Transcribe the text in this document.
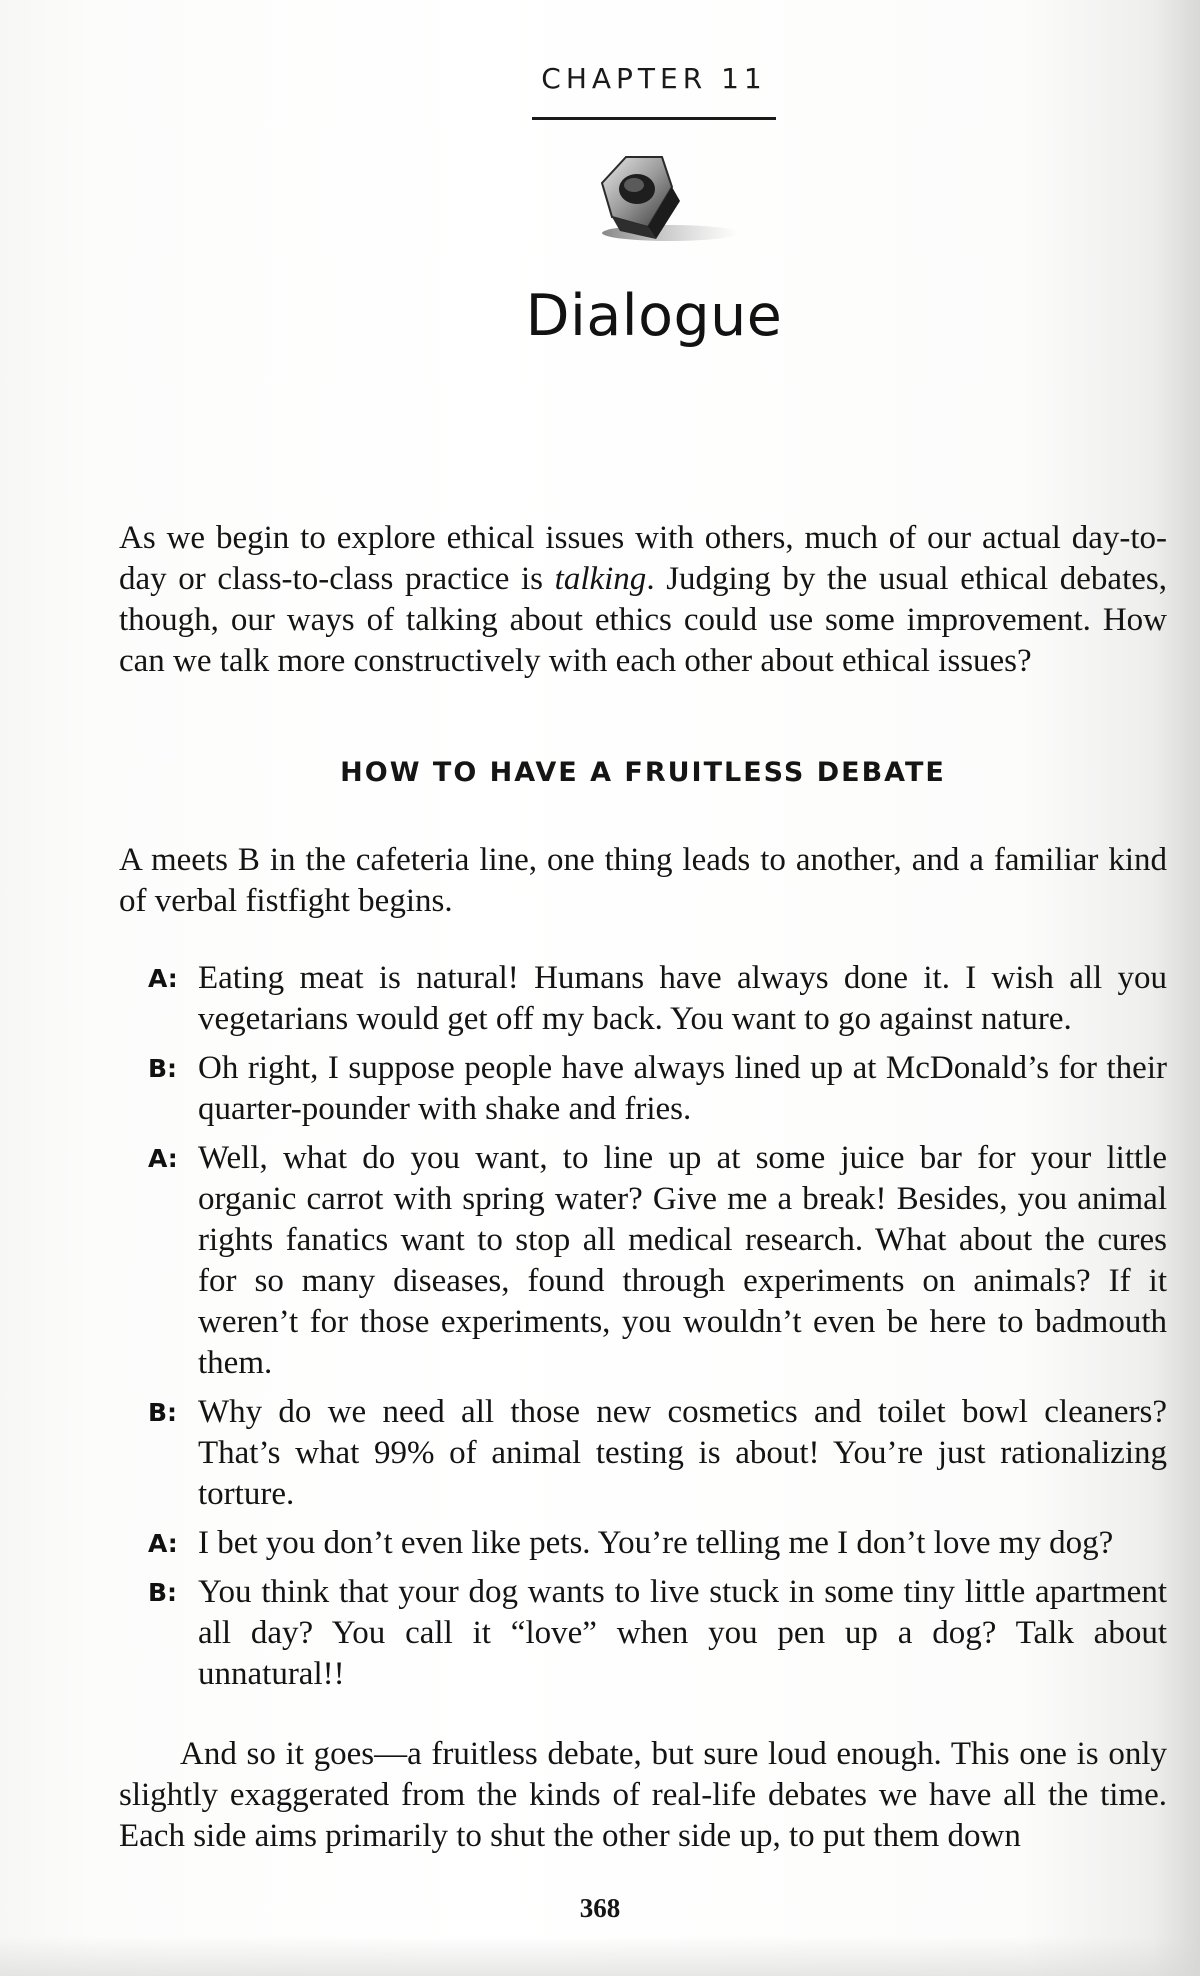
CHAPTER 11
Dialogue

As we begin to explore ethical issues with others, much of our actual day-to-day or class-to-class practice is talking. Judging by the usual ethical debates, though, our ways of talking about ethics could use some improvement. How can we talk more constructively with each other about ethical issues?

HOW TO HAVE A FRUITLESS DEBATE

A meets B in the cafeteria line, one thing leads to another, and a familiar kind of verbal fistfight begins.

A: Eating meat is natural! Humans have always done it. I wish all you vegetarians would get off my back. You want to go against nature.
B: Oh right, I suppose people have always lined up at McDonald’s for their quarter-pounder with shake and fries.
A: Well, what do you want, to line up at some juice bar for your little organic carrot with spring water? Give me a break! Besides, you animal rights fanatics want to stop all medical research. What about the cures for so many diseases, found through experiments on animals? If it weren’t for those experiments, you wouldn’t even be here to badmouth them.
B: Why do we need all those new cosmetics and toilet bowl cleaners? That’s what 99% of animal testing is about! You’re just rationalizing torture.
A: I bet you don’t even like pets. You’re telling me I don’t love my dog?
B: You think that your dog wants to live stuck in some tiny little apartment all day? You call it “love” when you pen up a dog? Talk about unnatural!!

And so it goes—a fruitless debate, but sure loud enough. This one is only slightly exaggerated from the kinds of real-life debates we have all the time. Each side aims primarily to shut the other side up, to put them down

368
